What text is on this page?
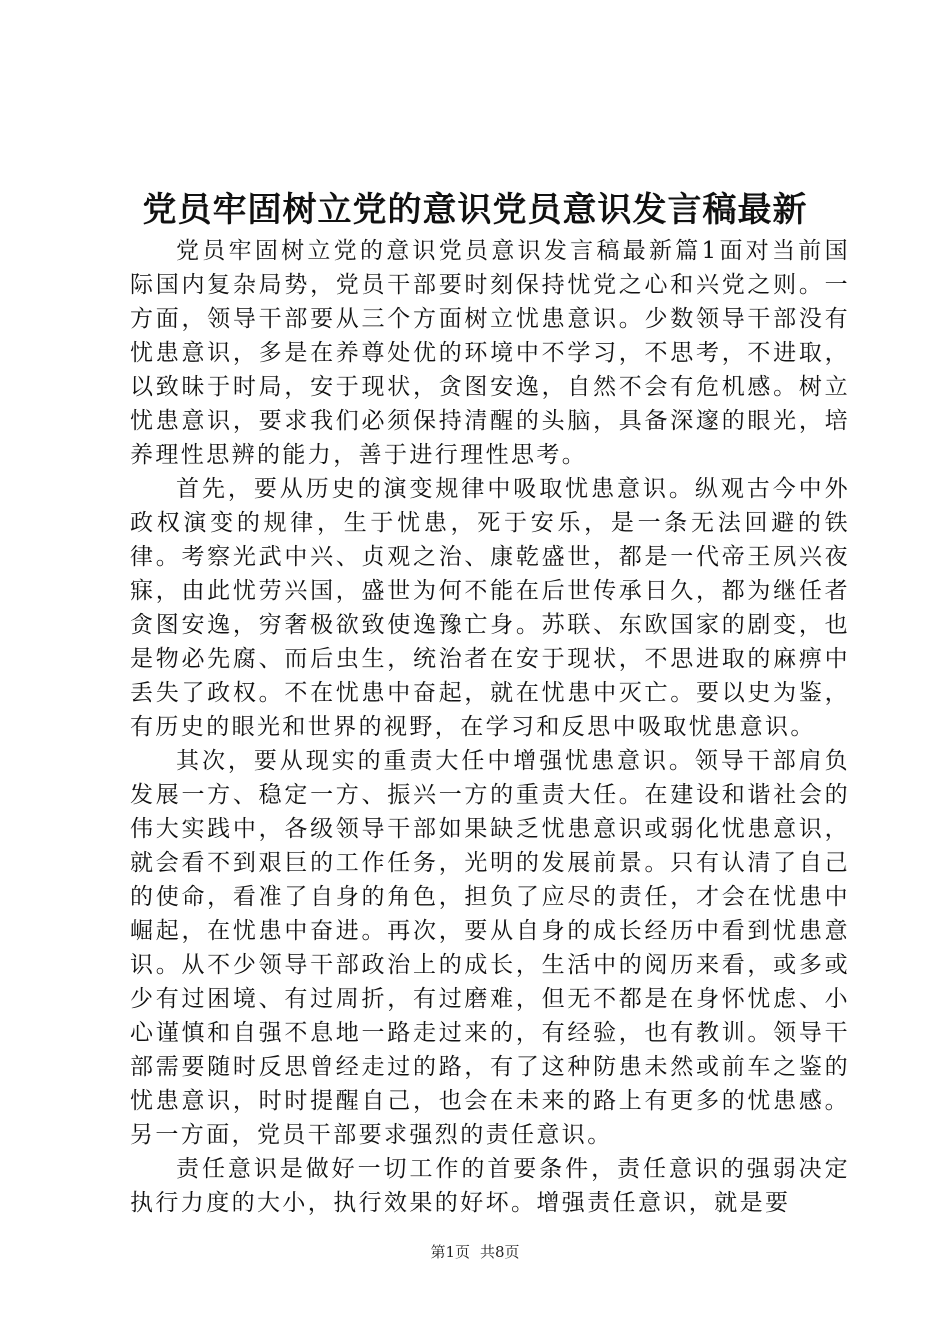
党员牢固树立党的意识党员意识发言稿最新

党员牢固树立党的意识党员意识发言稿最新篇1面对当前国际国内复杂局势，党员干部要时刻保持忧党之心和兴党之则。一方面，领导干部要从三个方面树立忧患意识。少数领导干部没有忧患意识，多是在养尊处优的环境中不学习，不思考，不进取，以致昧于时局，安于现状，贪图安逸，自然不会有危机感。树立忧患意识，要求我们必须保持清醒的头脑，具备深邃的眼光，培养理性思辨的能力，善于进行理性思考。

首先，要从历史的演变规律中吸取忧患意识。纵观古今中外政权演变的规律，生于忧患，死于安乐，是一条无法回避的铁律。考察光武中兴、贞观之治、康乾盛世，都是一代帝王夙兴夜寐，由此忧劳兴国，盛世为何不能在后世传承日久，都为继任者贪图安逸，穷奢极欲致使逸豫亡身。苏联、东欧国家的剧变，也是物必先腐、而后虫生，统治者在安于现状，不思进取的麻痹中丢失了政权。不在忧患中奋起，就在忧患中灭亡。要以史为鉴，有历史的眼光和世界的视野，在学习和反思中吸取忧患意识。

其次，要从现实的重责大任中增强忧患意识。领导干部肩负发展一方、稳定一方、振兴一方的重责大任。在建设和谐社会的伟大实践中，各级领导干部如果缺乏忧患意识或弱化忧患意识，就会看不到艰巨的工作任务，光明的发展前景。只有认清了自己的使命，看准了自身的角色，担负了应尽的责任，才会在忧患中崛起，在忧患中奋进。再次，要从自身的成长经历中看到忧患意识。从不少领导干部政治上的成长，生活中的阅历来看，或多或少有过困境、有过周折，有过磨难，但无不都是在身怀忧虑、小心谨慎和自强不息地一路走过来的，有经验，也有教训。领导干部需要随时反思曾经走过的路，有了这种防患未然或前车之鉴的忧患意识，时时提醒自己，也会在未来的路上有更多的忧患感。另一方面，党员干部要求强烈的责任意识。

责任意识是做好一切工作的首要条件，责任意识的强弱决定执行力度的大小，执行效果的好坏。增强责任意识，就是要

第1页 共8页
